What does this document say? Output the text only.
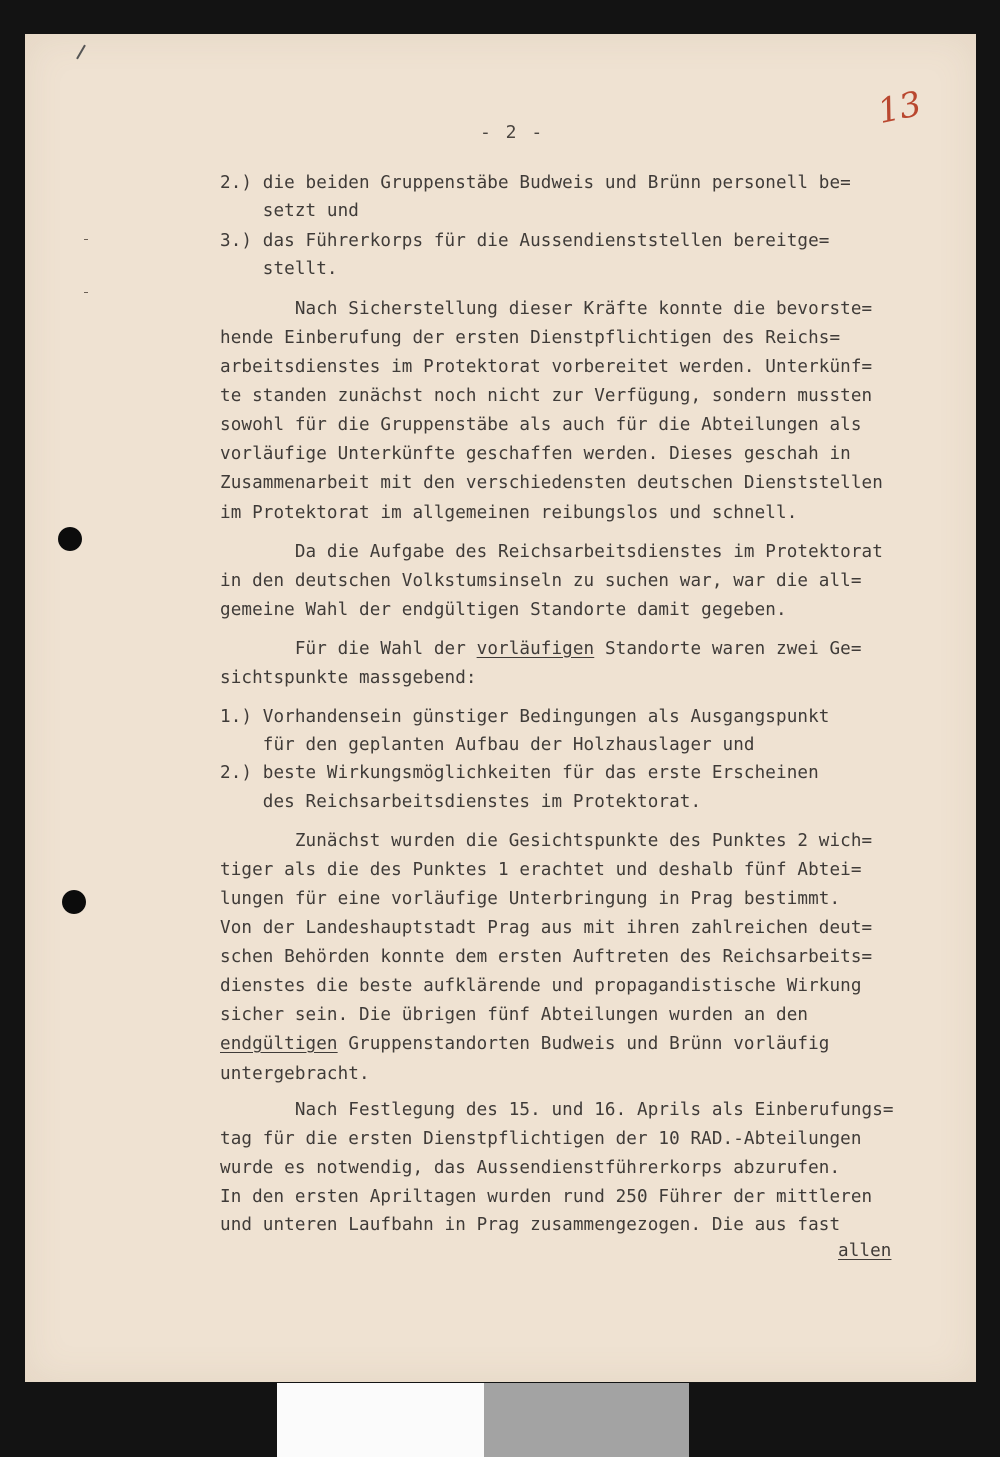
- 2 -
13
2.) die beiden Gruppenstäbe Budweis und Brünn personell be=
setzt und
3.) das Führerkorps für die Aussendienststellen bereitge=
stellt.
Nach Sicherstellung dieser Kräfte konnte die bevorste=
hende Einberufung der ersten Dienstpflichtigen des Reichs=
arbeitsdienstes im Protektorat vorbereitet werden. Unterkünf=
te standen zunächst noch nicht zur Verfügung, sondern mussten
sowohl für die Gruppenstäbe als auch für die Abteilungen als
vorläufige Unterkünfte geschaffen werden. Dieses geschah in
Zusammenarbeit mit den verschiedensten deutschen Dienststellen
im Protektorat im allgemeinen reibungslos und schnell.
Da die Aufgabe des Reichsarbeitsdienstes im Protektorat
in den deutschen Volkstumsinseln zu suchen war, war die all=
gemeine Wahl der endgültigen Standorte damit gegeben.
Für die Wahl der vorläufigen Standorte waren zwei Ge=
sichtspunkte massgebend:
1.) Vorhandensein günstiger Bedingungen als Ausgangspunkt
für den geplanten Aufbau der Holzhauslager und
2.) beste Wirkungsmöglichkeiten für das erste Erscheinen
des Reichsarbeitsdienstes im Protektorat.
Zunächst wurden die Gesichtspunkte des Punktes 2 wich=
tiger als die des Punktes 1 erachtet und deshalb fünf Abtei=
lungen für eine vorläufige Unterbringung in Prag bestimmt.
Von der Landeshauptstadt Prag aus mit ihren zahlreichen deut=
schen Behörden konnte dem ersten Auftreten des Reichsarbeits=
dienstes die beste aufklärende und propagandistische Wirkung
sicher sein. Die übrigen fünf Abteilungen wurden an den
endgültigen Gruppenstandorten Budweis und Brünn vorläufig
untergebracht.
Nach Festlegung des 15. und 16. Aprils als Einberufungs=
tag für die ersten Dienstpflichtigen der 10 RAD.-Abteilungen
wurde es notwendig, das Aussendienstführerkorps abzurufen.
In den ersten Apriltagen wurden rund 250 Führer der mittleren
und unteren Laufbahn in Prag zusammengezogen. Die aus fast
allen
